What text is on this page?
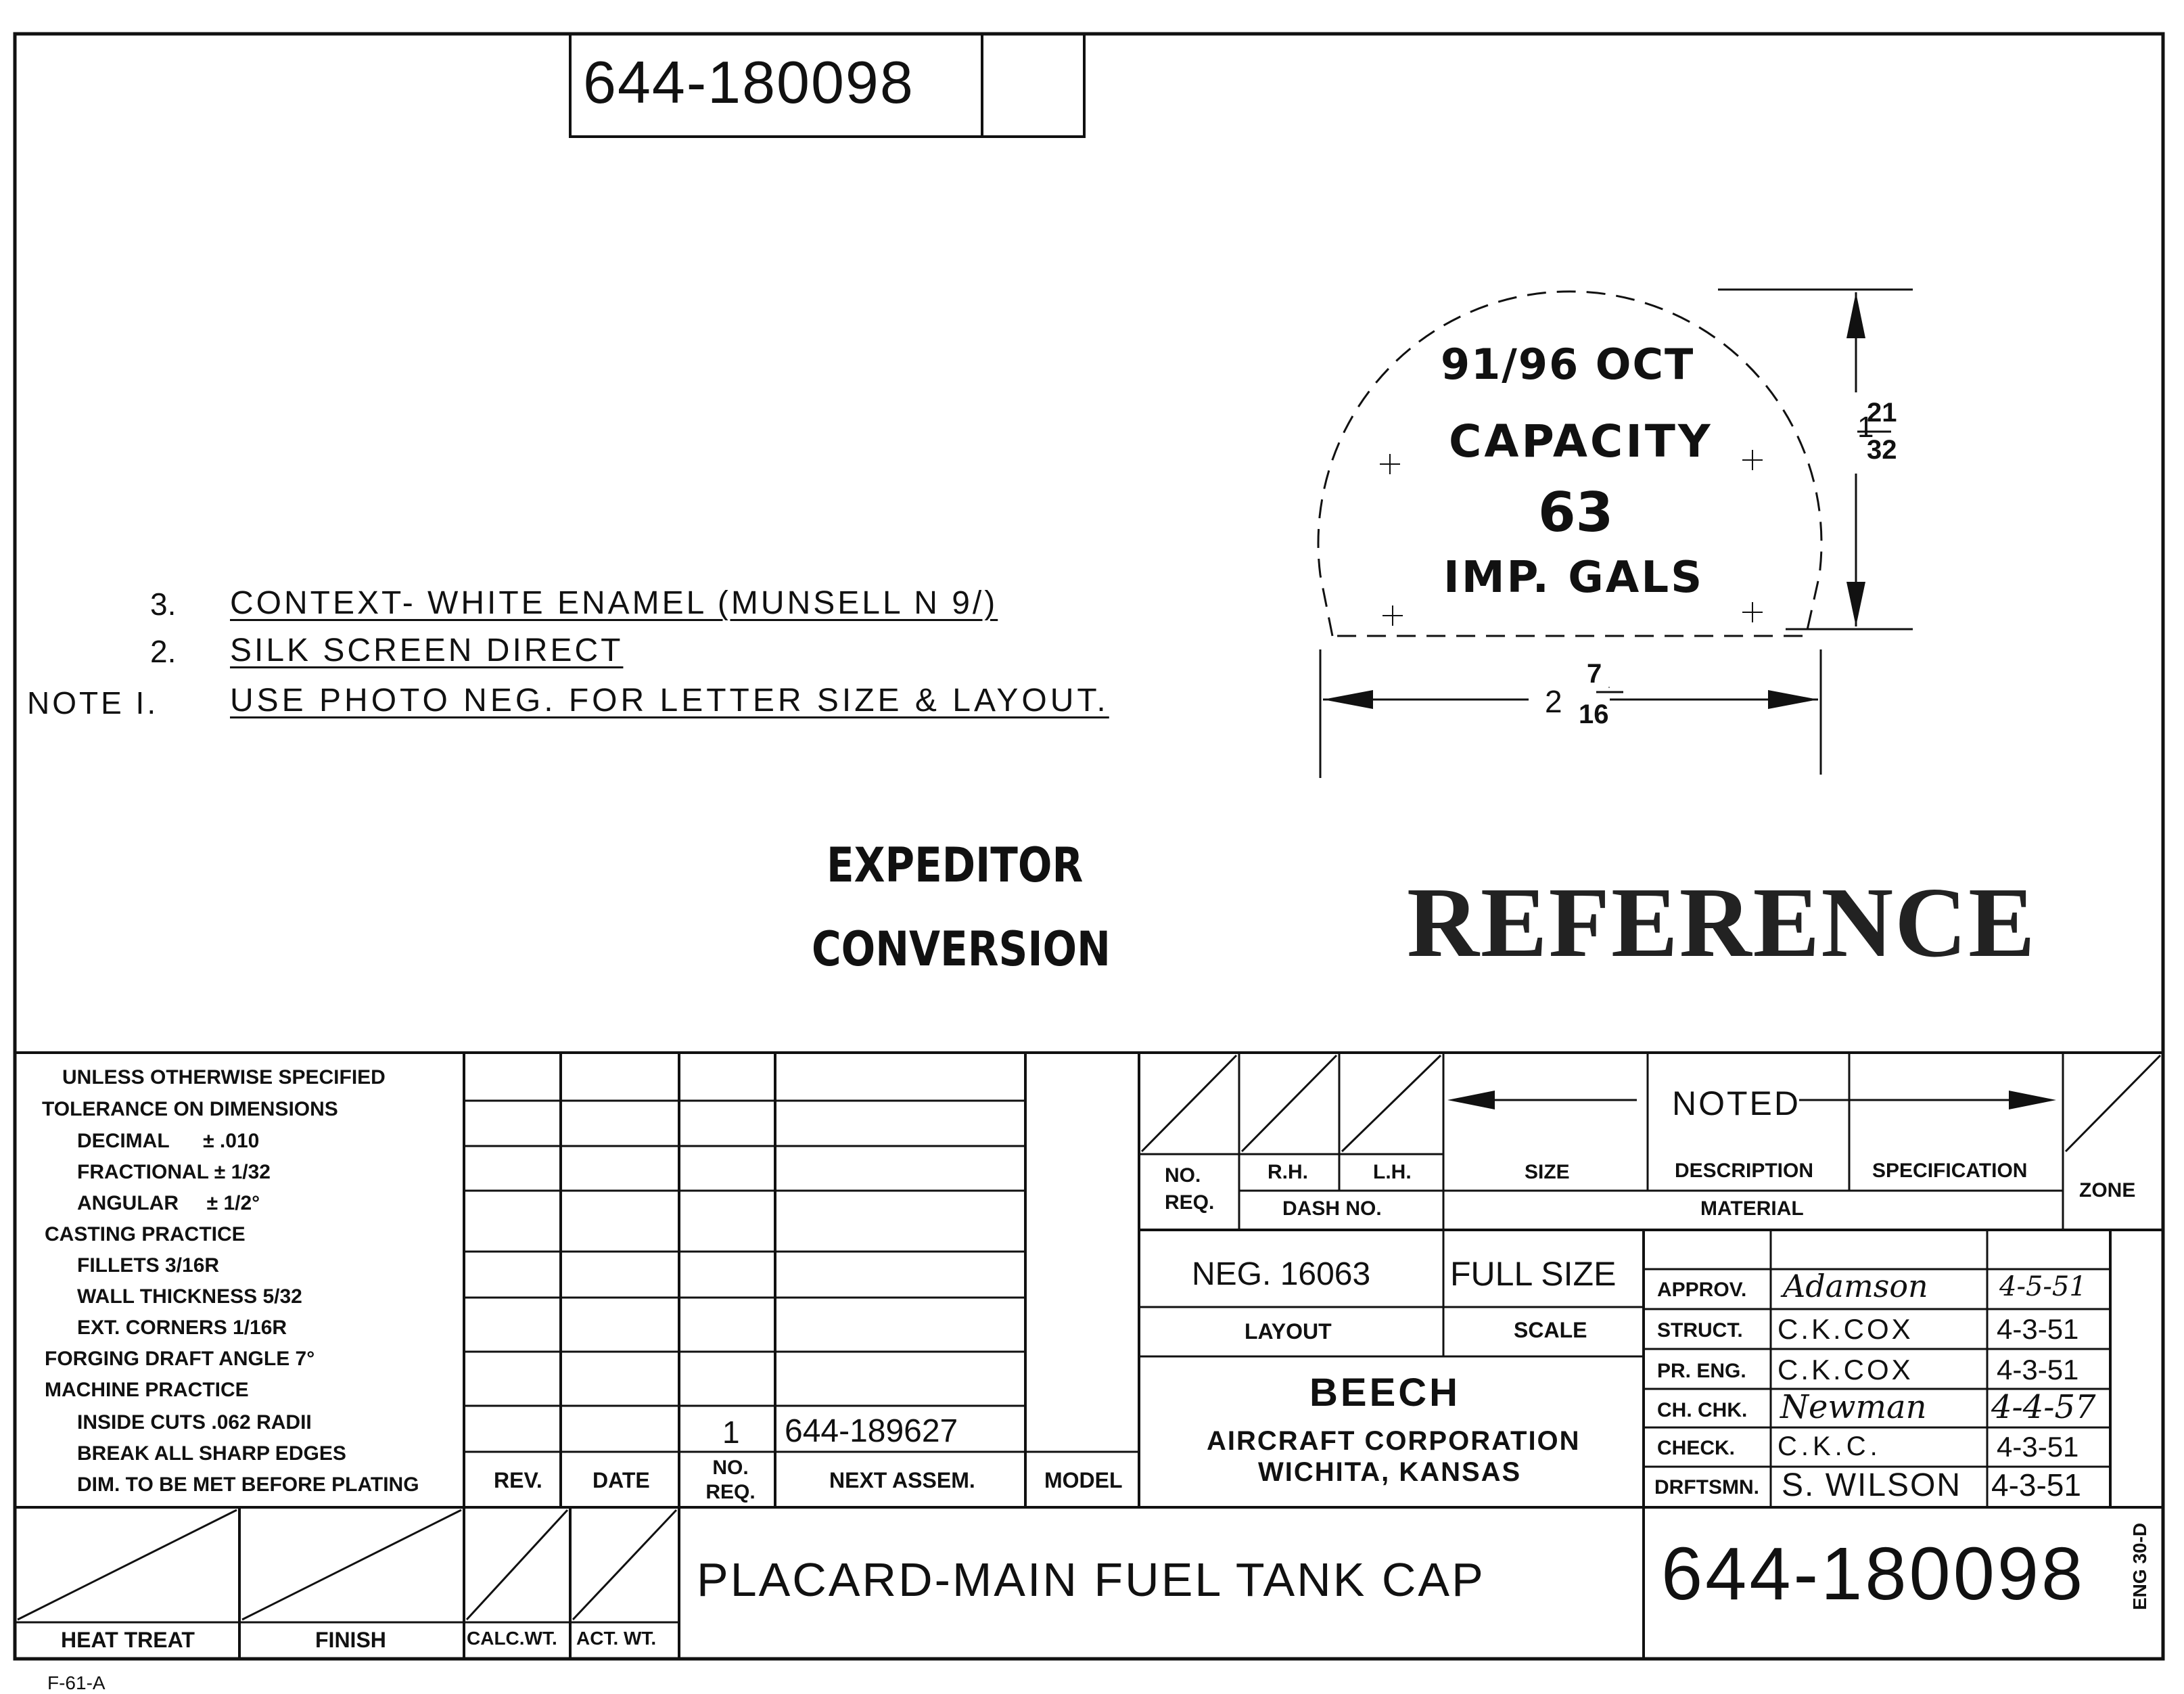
644-180098
3. CONTEXT- WHITE ENAMEL (MUNSELL N 9/)
2. SILK SCREEN DIRECT
NOTE I. USE PHOTO NEG. FOR LETTER SIZE & LAYOUT.
91/96 OCT
CAPACITY
63
IMP. GALS
1
21
32
2
7
16
EXPEDITOR
CONVERSION	REFERENCE
UNLESS OTHERWISE SPECIFIED
TOLERANCE ON DIMENSIONS
DECIMAL      ± .010
FRACTIONAL ± 1/32
ANGULAR     ± 1/2°
CASTING PRACTICE
FILLETS 3/16R
WALL THICKNESS 5/32
EXT. CORNERS 1/16R
FORGING DRAFT ANGLE 7°
MACHINE PRACTICE
INSIDE CUTS .062 RADII
BREAK ALL SHARP EDGES
DIM. TO BE MET BEFORE PLATING	REV. DATE
NO. REQ.	NEXT ASSEM.	MODEL
1 644-189627
NOTED
NO. REQ.
R.H.	L.H.
DASH NO.
SIZE	DESCRIPTION	SPECIFICATION
MATERIAL
ZONE
NEG. 16063
LAYOUT
FULL SIZE
SCALE
BEECH
AIRCRAFT CORPORATION
WICHITA, KANSAS
APPROV. Adamson	4-5-51
STRUCT. C.K.COX	4-3-51
PR. ENG. C.K.COX	4-3-51
CH. CHK. Newman 4-4-57
CHECK. C.K.C.	4-3-51
DRFTSMN. S. WILSON 4-3-51
HEAT TREAT	FINISH	CALC.WT. ACT. WT.
PLACARD-MAIN FUEL TANK CAP 644-180098 ENG 30-D
F-61-A
